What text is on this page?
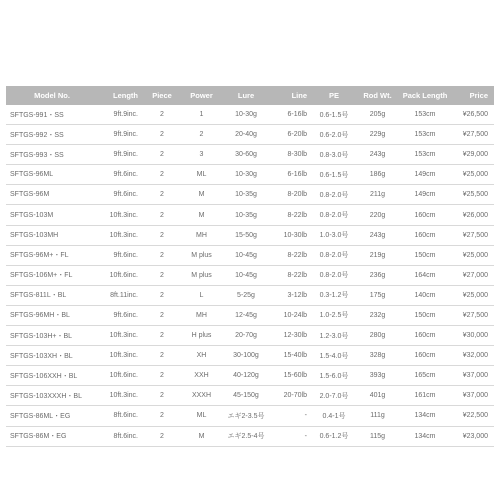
Model No.	Length	Piece	Power	Lure	Line	PE	Rod Wt.	Pack Length	Price
SFTGS-991・SS	9ft.9inc.	2	1	10-30g	6-16lb	0.6-1.5号	205g	153cm	¥26,500
SFTGS-992・SS	9ft.9inc.	2	2	20-40g	6-20lb	0.6-2.0号	229g	153cm	¥27,500
SFTGS-993・SS	9ft.9inc.	2	3	30-60g	8-30lb	0.8-3.0号	243g	153cm	¥29,000
SFTGS-96ML	9ft.6inc.	2	ML	10-30g	6-16lb	0.6-1.5号	186g	149cm	¥25,000
SFTGS-96M	9ft.6inc.	2	M	10-35g	8-20lb	0.8-2.0号	211g	149cm	¥25,500
SFTGS-103M	10ft.3inc.	2	M	10-35g	8-22lb	0.8-2.0号	220g	160cm	¥26,000
SFTGS-103MH	10ft.3inc.	2	MH	15-50g	10-30lb	1.0-3.0号	243g	160cm	¥27,500
SFTGS-96M+・FL	9ft.6inc.	2	M plus	10-45g	8-22lb	0.8-2.0号	219g	150cm	¥25,000
SFTGS-106M+・FL	10ft.6inc.	2	M plus	10-45g	8-22lb	0.8-2.0号	236g	164cm	¥27,000
SFTGS-811L・BL	8ft.11inc.	2	L	5-25g	3-12lb	0.3-1.2号	175g	140cm	¥25,000
SFTGS-96MH・BL	9ft.6inc.	2	MH	12-45g	10-24lb	1.0-2.5号	232g	150cm	¥27,500
SFTGS-103H+・BL	10ft.3inc.	2	H plus	20-70g	12-30lb	1.2-3.0号	280g	160cm	¥30,000
SFTGS-103XH・BL	10ft.3inc.	2	XH	30-100g	15-40lb	1.5-4.0号	328g	160cm	¥32,000
SFTGS-106XXH・BL	10ft.6inc.	2	XXH	40-120g	15-60lb	1.5-6.0号	393g	165cm	¥37,000
SFTGS-103XXXH・BL	10ft.3inc.	2	XXXH	45-150g	20-70lb	2.0-7.0号	401g	161cm	¥37,000
SFTGS-86ML・EG	8ft.6inc.	2	ML	エギ2-3.5号	-	0.4-1号	111g	134cm	¥22,500
SFTGS-86M・EG	8ft.6inc.	2	M	エギ2.5-4号	-	0.6-1.2号	115g	134cm	¥23,000
